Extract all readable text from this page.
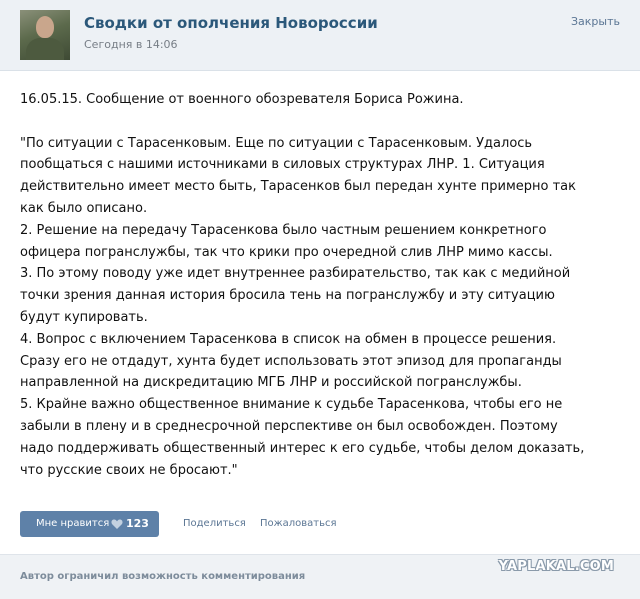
Сводки от ополчения Новороссии
Сегодня в 14:06
Закрыть

16.05.15. Сообщение от военного обозревателя Бориса Рожина.

"По ситуации с Тарасенковым. Еще по ситуации с Тарасенковым. Удалось

пообщаться с нашими источниками в силовых структурах ЛНР. 1. Ситуация

действительно имеет место быть, Тарасенков был передан хунте примерно так

как было описано.

2. Решение на передачу Тарасенкова было частным решением конкретного

офицера погранслужбы, так что крики про очередной слив ЛНР мимо кассы.

3. По этому поводу уже идет внутреннее разбирательство, так как с медийной

точки зрения данная история бросила тень на погранслужбу и эту ситуацию

будут купировать.

4. Вопрос с включением Тарасенкова в список на обмен в процессе решения.

Сразу его не отдадут, хунта будет использовать этот эпизод для пропаганды

направленной на дискредитацию МГБ ЛНР и российской погранслужбы.

5. Крайне важно общественное внимание к судьбе Тарасенкова, чтобы его не

забыли в плену и в среднесрочной перспективе он был освобожден. Поэтому

надо поддерживать общественный интерес к его судьбе, чтобы делом доказать,

что русские своих не бросают."

Мне нравится 123	Поделиться Пожаловаться
Автор ограничил возможность комментирования
YAPLAKAL.COM
